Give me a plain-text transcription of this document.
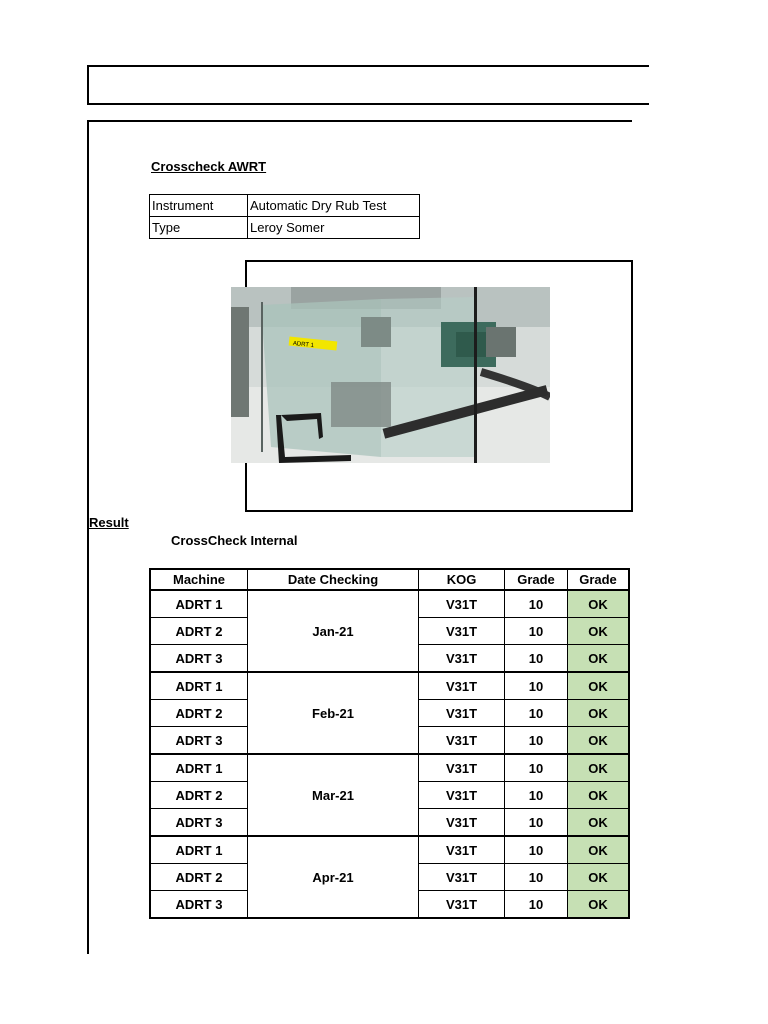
Crosscheck AWRT
Instrument	Automatic Dry Rub Test
Type	Leroy Somer
ADRT 1
Result
CrossCheck Internal
Machine	Date Checking	KOG	Grade	Grade
ADRT 1	Jan-21	V31T	10	OK
ADRT 2		V31T	10	OK
ADRT 3		V31T	10	OK
ADRT 1	Feb-21	V31T	10	OK
ADRT 2		V31T	10	OK
ADRT 3		V31T	10	OK
ADRT 1	Mar-21	V31T	10	OK
ADRT 2		V31T	10	OK
ADRT 3		V31T	10	OK
ADRT 1	Apr-21	V31T	10	OK
ADRT 2		V31T	10	OK
ADRT 3		V31T	10	OK
